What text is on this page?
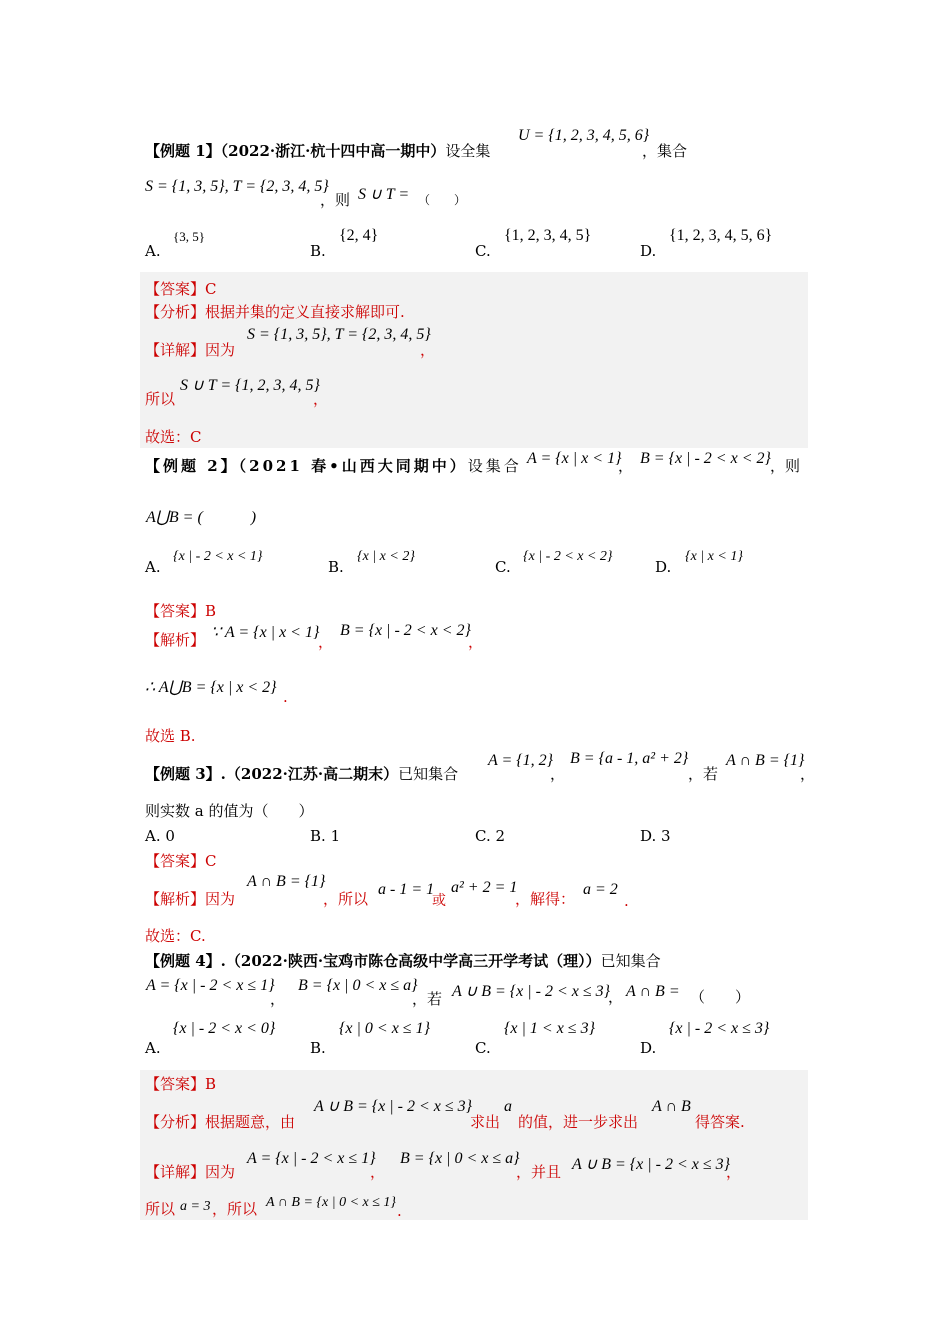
【例题 1】（2022·浙江·杭十四中高一期中）设全集
U = {1, 2, 3, 4, 5, 6}
，集合
S = {1, 3, 5}, T = {2, 3, 4, 5}
，则 S ∪ T = （　　）
A.
{3, 5}
B.
{2, 4}
C.
{1, 2, 3, 4, 5}
D.
{1, 2, 3, 4, 5, 6}
【答案】C
【分析】根据并集的定义直接求解即可.
【详解】因为
S = {1, 3, 5}, T = {2, 3, 4, 5}
，
所以
S ∪ T = {1, 2, 3, 4, 5}
，
故选：C
【例题 2】（2021 春•山西大同期中）设集合 A = {x | x < 1}
， B = {x | - 2 < x < 2} ，则
A⋃B = (　　　)
A.
{x | - 2 < x < 1}
B.
{x | x < 2}
C.
{x | - 2 < x < 2}
D.
{x | x < 1}
【答案】B
【解析】 ∵ A = {x | x < 1}
，
B = {x | - 2 < x < 2}
，
∴ A⋃B = {x | x < 2}
.
故选 B.
【例题 3】.（2022·江苏·高二期末）已知集合
A = {1, 2}
，
B = {a - 1, a² + 2}
，若
A ∩ B = {1}
，
则实数 a 的值为（　　）
A. 0	B. 1	C. 2	D. 3
【答案】C
【解析】因为
A ∩ B = {1}
，所以
a - 1 = 1
或
a² + 2 = 1
，解得：
a = 2
.
故选：C.
【例题 4】.（2022·陕西·宝鸡市陈仓高级中学高三开学考试（理））已知集合
A = {x | - 2 < x ≤ 1}
，
B = {x | 0 < x ≤ a}
，若 A ∪ B = {x | - 2 < x ≤ 3}
， A ∩ B = （　　）
A.
{x | - 2 < x < 0}
B.
{x | 0 < x ≤ 1}
C.
{x | 1 < x ≤ 3}
D.
{x | - 2 < x ≤ 3}
【答案】B
【分析】根据题意，由
A ∪ B = {x | - 2 < x ≤ 3}
求出
a
的值，进一步求出
A ∩ B
得答案.
【详解】因为
A = {x | - 2 < x ≤ 1}
，
B = {x | 0 < x ≤ a}
，并且 A ∪ B = {x | - 2 < x ≤ 3}
，
所以 a = 3 ，所以 A ∩ B = {x | 0 < x ≤ 1} .
